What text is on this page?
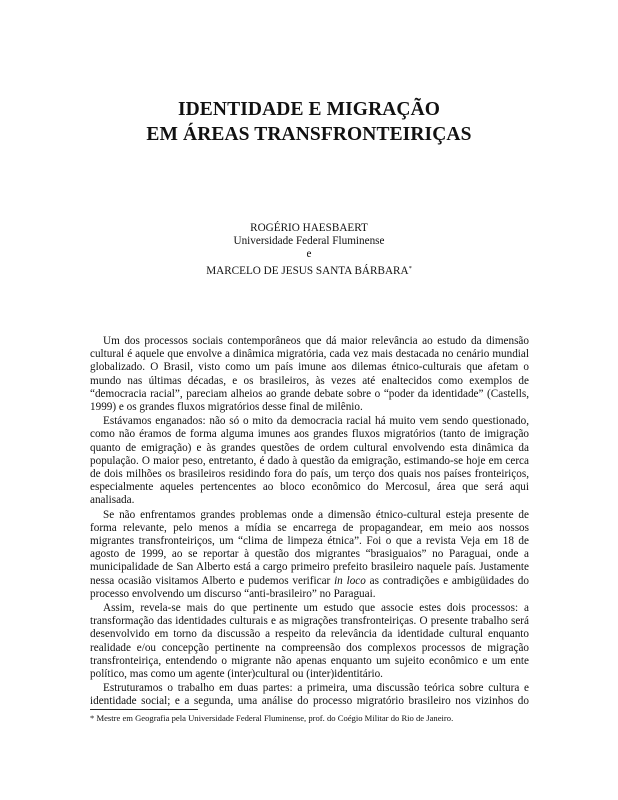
IDENTIDADE E MIGRAÇÃO
EM ÁREAS TRANSFRONTEIRIÇAS
ROGÉRIO HAESBAERT
Universidade Federal Fluminense
e
MARCELO DE JESUS SANTA BÁRBARA*

Um dos processos sociais contemporâneos que dá maior relevância ao estudo da dimensão cultural é aquele que envolve a dinâmica migratória, cada vez mais destacada no cenário mundial globalizado. O Brasil, visto como um país imune aos dilemas étnico-culturais que afetam o mundo nas últimas décadas, e os brasileiros, às vezes até enaltecidos como exemplos de “democracia racial”, pareciam alheios ao grande debate sobre o “poder da identidade” (Castells, 1999) e os grandes fluxos migratórios desse final de milênio.

Estávamos enganados: não só o mito da democracia racial há muito vem sendo questionado, como não éramos de forma alguma imunes aos grandes fluxos migratórios (tanto de imigração quanto de emigração) e às grandes questões de ordem cultural envolvendo esta dinâmica da população. O maior peso, entretanto, é dado à questão da emigração, estimando-se hoje em cerca de dois milhões os brasileiros residindo fora do país, um terço dos quais nos países fronteiriços, especialmente aqueles pertencentes ao bloco econômico do Mercosul, área que será aqui analisada.

Se não enfrentamos grandes problemas onde a dimensão étnico-cultural esteja presente de forma relevante, pelo menos a mídia se encarrega de propagandear, em meio aos nossos migrantes transfronteiriços, um “clima de limpeza étnica”. Foi o que a revista Veja em 18 de agosto de 1999, ao se reportar à questão dos migrantes “brasiguaios” no Paraguai, onde a municipalidade de San Alberto está a cargo primeiro prefeito brasileiro naquele país. Justamente nessa ocasião visitamos Alberto e pudemos verificar in loco as contradições e ambigüidades do processo envolvendo um discurso “anti-brasileiro” no Paraguai.

Assim, revela-se mais do que pertinente um estudo que associe estes dois processos: a transformação das identidades culturais e as migrações transfronteiriças. O presente trabalho será desenvolvido em torno da discussão a respeito da relevância da identidade cultural enquanto realidade e/ou concepção pertinente na compreensão dos complexos processos de migração transfronteiriça, entendendo o migrante não apenas enquanto um sujeito econômico e um ente político, mas como um agente (inter)cultural ou (inter)identitário.

Estruturamos o trabalho em duas partes: a primeira, uma discussão teórica sobre cultura e identidade social; e a segunda, uma análise do processo migratório brasileiro nos vizinhos do

* Mestre em Geografia pela Universidade Federal Fluminense, prof. do Coégio Militar do Rio de Janeiro.
